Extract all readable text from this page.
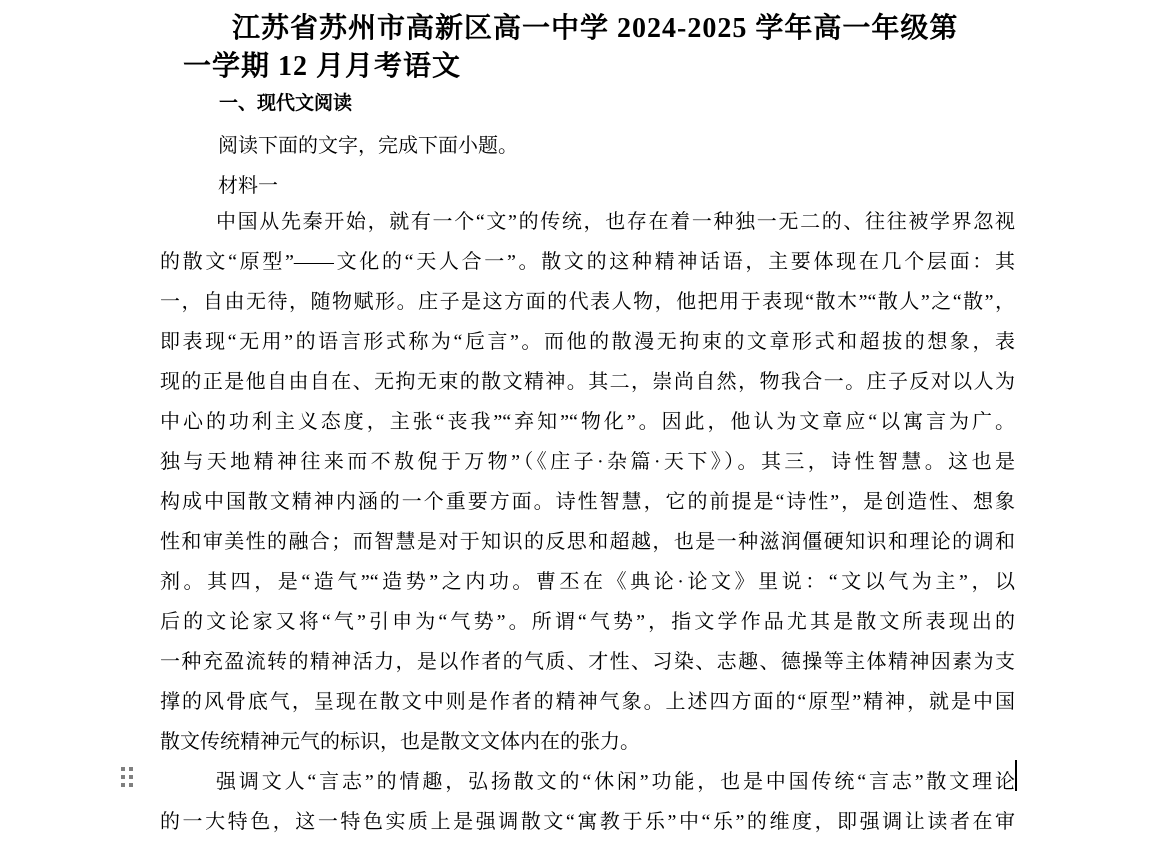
江苏省苏州市高新区高一中学 2024-2025 学年高一年级第
一学期 12 月月考语文
一、现代文阅读
阅读下面的文字，完成下面小题。
材料一
中国从先秦开始，就有一个“文”的传统，也存在着一种独一无二的、往往被学界忽视
的散文“原型”——文化的“天人合一”。散文的这种精神话语，主要体现在几个层面：其
一，自由无待，随物赋形。庄子是这方面的代表人物，他把用于表现“散木”“散人”之“散”，
即表现“无用”的语言形式称为“卮言”。而他的散漫无拘束的文章形式和超拔的想象，表
现的正是他自由自在、无拘无束的散文精神。其二，崇尚自然，物我合一。庄子反对以人为
中心的功利主义态度，主张“丧我”“弃知”“物化”。因此，他认为文章应“以寓言为广。
独与天地精神往来而不敖倪于万物”（《庄子·杂篇·天下》）。其三，诗性智慧。这也是
构成中国散文精神内涵的一个重要方面。诗性智慧，它的前提是“诗性”，是创造性、想象
性和审美性的融合；而智慧是对于知识的反思和超越，也是一种滋润僵硬知识和理论的调和
剂。其四，是“造气”“造势”之内功。曹丕在《典论·论文》里说：“文以气为主”，以
后的文论家又将“气”引申为“气势”。所谓“气势”，指文学作品尤其是散文所表现出的
一种充盈流转的精神活力，是以作者的气质、才性、习染、志趣、德操等主体精神因素为支
撑的风骨底气，呈现在散文中则是作者的精神气象。上述四方面的“原型”精神，就是中国
散文传统精神元气的标识，也是散文文体内在的张力。
强调文人“言志”的情趣，弘扬散文的“休闲”功能，也是中国传统“言志”散文理论
的一大特色，这一特色实质上是强调散文“寓教于乐”中“乐”的维度，即强调让读者在审
